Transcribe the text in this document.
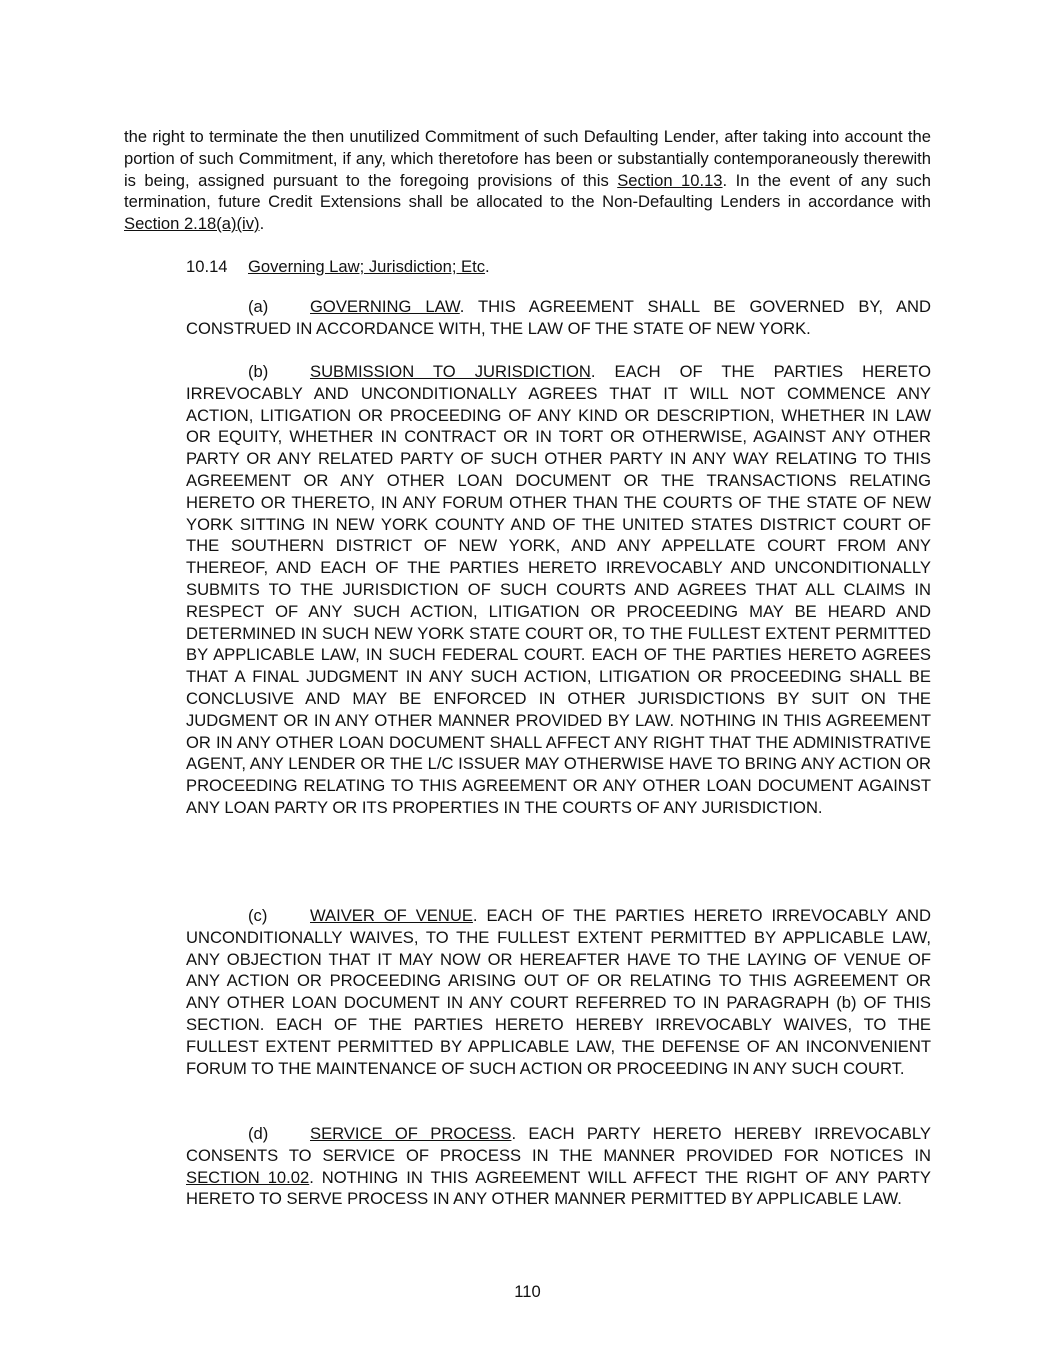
the right to terminate the then unutilized Commitment of such Defaulting Lender, after taking into account the portion of such Commitment, if any, which theretofore has been or substantially contemporaneously therewith is being, assigned pursuant to the foregoing provisions of this Section 10.13. In the event of any such termination, future Credit Extensions shall be allocated to the Non-Defaulting Lenders in accordance with Section 2.18(a)(iv).
10.14 Governing Law; Jurisdiction; Etc.
(a)	GOVERNING LAW. THIS AGREEMENT SHALL BE GOVERNED BY, AND CONSTRUED IN ACCORDANCE WITH, THE LAW OF THE STATE OF NEW YORK.
(b)	SUBMISSION TO JURISDICTION. EACH OF THE PARTIES HERETO IRREVOCABLY AND UNCONDITIONALLY AGREES THAT IT WILL NOT COMMENCE ANY ACTION, LITIGATION OR PROCEEDING OF ANY KIND OR DESCRIPTION, WHETHER IN LAW OR EQUITY, WHETHER IN CONTRACT OR IN TORT OR OTHERWISE, AGAINST ANY OTHER PARTY OR ANY RELATED PARTY OF SUCH OTHER PARTY IN ANY WAY RELATING TO THIS AGREEMENT OR ANY OTHER LOAN DOCUMENT OR THE TRANSACTIONS RELATING HERETO OR THERETO, IN ANY FORUM OTHER THAN THE COURTS OF THE STATE OF NEW YORK SITTING IN NEW YORK COUNTY AND OF THE UNITED STATES DISTRICT COURT OF THE SOUTHERN DISTRICT OF NEW YORK, AND ANY APPELLATE COURT FROM ANY THEREOF, AND EACH OF THE PARTIES HERETO IRREVOCABLY AND UNCONDITIONALLY SUBMITS TO THE JURISDICTION OF SUCH COURTS AND AGREES THAT ALL CLAIMS IN RESPECT OF ANY SUCH ACTION, LITIGATION OR PROCEEDING MAY BE HEARD AND DETERMINED IN SUCH NEW YORK STATE COURT OR, TO THE FULLEST EXTENT PERMITTED BY APPLICABLE LAW, IN SUCH FEDERAL COURT. EACH OF THE PARTIES HERETO AGREES THAT A FINAL JUDGMENT IN ANY SUCH ACTION, LITIGATION OR PROCEEDING SHALL BE CONCLUSIVE AND MAY BE ENFORCED IN OTHER JURISDICTIONS BY SUIT ON THE JUDGMENT OR IN ANY OTHER MANNER PROVIDED BY LAW. NOTHING IN THIS AGREEMENT OR IN ANY OTHER LOAN DOCUMENT SHALL AFFECT ANY RIGHT THAT THE ADMINISTRATIVE AGENT, ANY LENDER OR THE L/C ISSUER MAY OTHERWISE HAVE TO BRING ANY ACTION OR PROCEEDING RELATING TO THIS AGREEMENT OR ANY OTHER LOAN DOCUMENT AGAINST ANY LOAN PARTY OR ITS PROPERTIES IN THE COURTS OF ANY JURISDICTION.
(c)	WAIVER OF VENUE. EACH OF THE PARTIES HERETO IRREVOCABLY AND UNCONDITIONALLY WAIVES, TO THE FULLEST EXTENT PERMITTED BY APPLICABLE LAW, ANY OBJECTION THAT IT MAY NOW OR HEREAFTER HAVE TO THE LAYING OF VENUE OF ANY ACTION OR PROCEEDING ARISING OUT OF OR RELATING TO THIS AGREEMENT OR ANY OTHER LOAN DOCUMENT IN ANY COURT REFERRED TO IN PARAGRAPH (b) OF THIS SECTION. EACH OF THE PARTIES HERETO HEREBY IRREVOCABLY WAIVES, TO THE FULLEST EXTENT PERMITTED BY APPLICABLE LAW, THE DEFENSE OF AN INCONVENIENT FORUM TO THE MAINTENANCE OF SUCH ACTION OR PROCEEDING IN ANY SUCH COURT.
(d)	SERVICE OF PROCESS. EACH PARTY HERETO HEREBY IRREVOCABLY CONSENTS TO SERVICE OF PROCESS IN THE MANNER PROVIDED FOR NOTICES IN SECTION 10.02. NOTHING IN THIS AGREEMENT WILL AFFECT THE RIGHT OF ANY PARTY HERETO TO SERVE PROCESS IN ANY OTHER MANNER PERMITTED BY APPLICABLE LAW.
110
